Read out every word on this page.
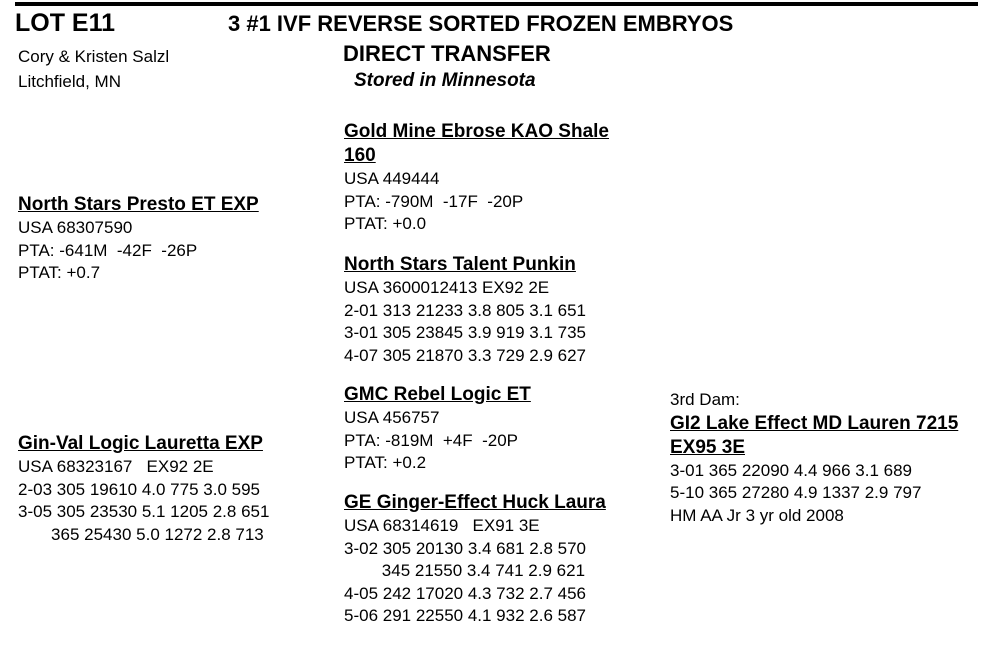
LOT E11	3 #1 IVF REVERSE SORTED FROZEN EMBRYOS
DIRECT TRANSFER
Stored in Minnesota
Cory & Kristen Salzl
Litchfield, MN
North Stars Presto ET EXP
USA 68307590
PTA: -641M  -42F  -26P
PTAT: +0.7
Gin-Val Logic Lauretta EXP
USA 68323167   EX92 2E
2-03 305 19610 4.0 775 3.0 595
3-05 305 23530 5.1 1205 2.8 651
365 25430 5.0 1272 2.8 713
Gold Mine Ebrose KAO Shale
160
USA 449444
PTA: -790M  -17F  -20P
PTAT: +0.0
North Stars Talent Punkin
USA 3600012413 EX92 2E
2-01 313 21233 3.8 805 3.1 651
3-01 305 23845 3.9 919 3.1 735
4-07 305 21870 3.3 729 2.9 627
GMC Rebel Logic ET
USA 456757
PTA: -819M  +4F  -20P
PTAT: +0.2
GE Ginger-Effect Huck Laura
USA 68314619   EX91 3E
3-02 305 20130 3.4 681 2.8 570
345 21550 3.4 741 2.9 621
4-05 242 17020 4.3 732 2.7 456
5-06 291 22550 4.1 932 2.6 587
3rd Dam:
GI2 Lake Effect MD Lauren 7215
EX95 3E
3-01 365 22090 4.4 966 3.1 689
5-10 365 27280 4.9 1337 2.9 797
HM AA Jr 3 yr old 2008
